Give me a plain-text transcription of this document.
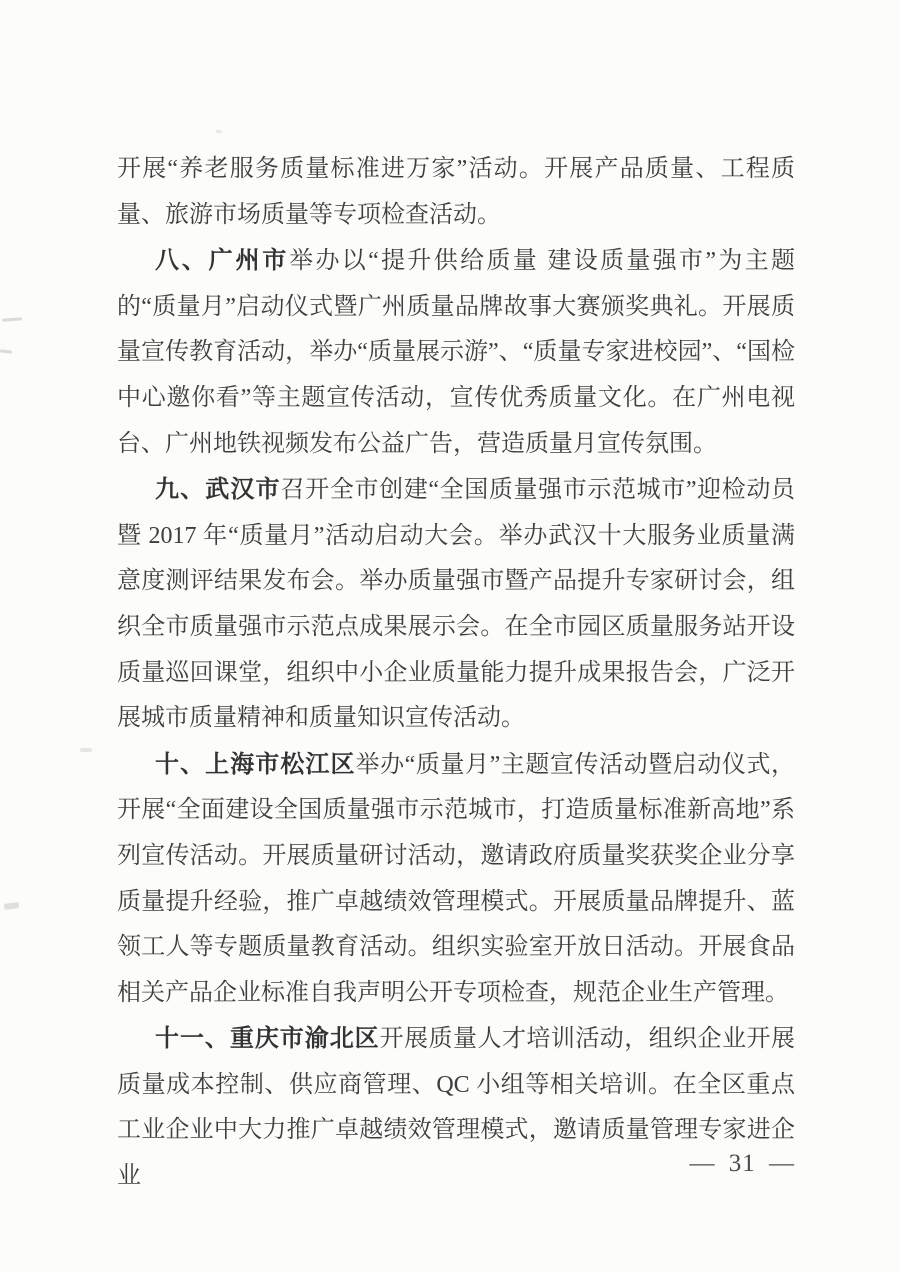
开展“养老服务质量标准进万家”活动。开展产品质量、工程质量、旅游市场质量等专项检查活动。

八、广州市举办以“提升供给质量 建设质量强市”为主题的“质量月”启动仪式暨广州质量品牌故事大赛颁奖典礼。开展质量宣传教育活动，举办“质量展示游”、“质量专家进校园”、“国检中心邀你看”等主题宣传活动，宣传优秀质量文化。在广州电视台、广州地铁视频发布公益广告，营造质量月宣传氛围。

九、武汉市召开全市创建“全国质量强市示范城市”迎检动员暨 2017 年“质量月”活动启动大会。举办武汉十大服务业质量满意度测评结果发布会。举办质量强市暨产品提升专家研讨会，组织全市质量强市示范点成果展示会。在全市园区质量服务站开设质量巡回课堂，组织中小企业质量能力提升成果报告会，广泛开展城市质量精神和质量知识宣传活动。

十、上海市松江区举办“质量月”主题宣传活动暨启动仪式，开展“全面建设全国质量强市示范城市，打造质量标准新高地”系列宣传活动。开展质量研讨活动，邀请政府质量奖获奖企业分享质量提升经验，推广卓越绩效管理模式。开展质量品牌提升、蓝领工人等专题质量教育活动。组织实验室开放日活动。开展食品相关产品企业标准自我声明公开专项检查，规范企业生产管理。

十一、重庆市渝北区开展质量人才培训活动，组织企业开展质量成本控制、供应商管理、QC 小组等相关培训。在全区重点工业企业中大力推广卓越绩效管理模式，邀请质量管理专家进企业	— 31 —
